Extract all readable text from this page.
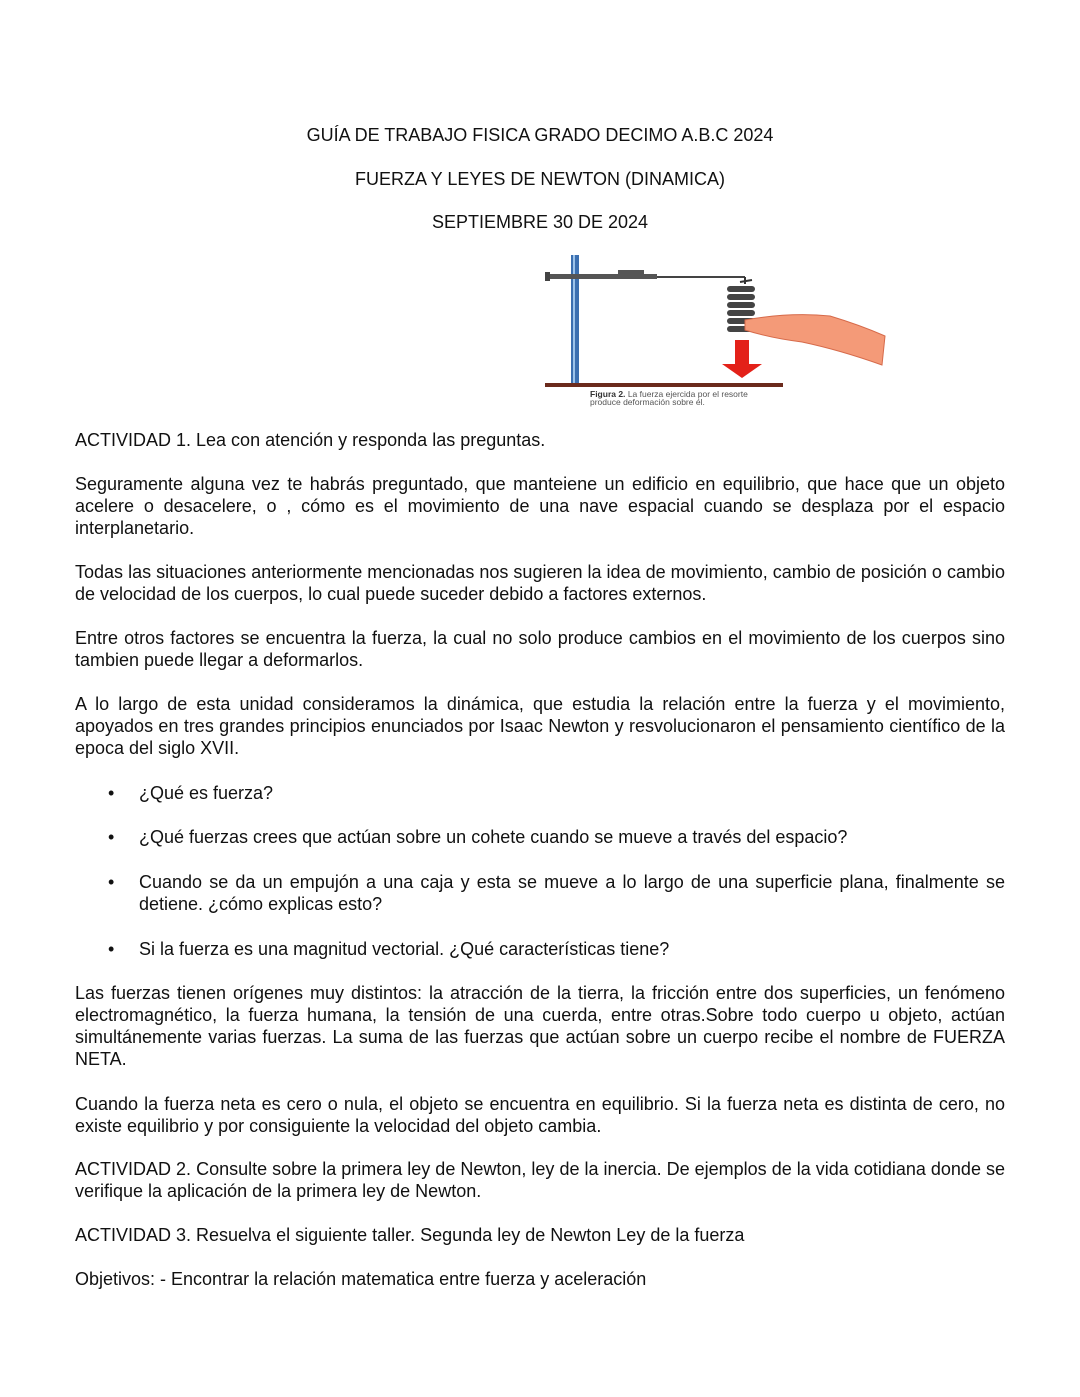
GUÍA DE TRABAJO FISICA GRADO DECIMO A.B.C 2024
FUERZA Y LEYES DE NEWTON (DINAMICA)
SEPTIEMBRE 30 DE 2024
Figura 2. La fuerza ejercida por el resorte
produce deformación sobre él.

ACTIVIDAD 1. Lea con atención y responda las preguntas.

Seguramente alguna vez te habrás preguntado, que manteiene un edificio en equilibrio, que hace que un objeto acelere o desacelere, o , cómo es el movimiento de una nave espacial cuando se desplaza por el espacio interplanetario.

Todas las situaciones anteriormente mencionadas nos sugieren la idea de movimiento, cambio de posición o cambio de velocidad de los cuerpos, lo cual puede suceder debido a factores externos.

Entre otros factores se encuentra la fuerza, la cual no solo produce cambios en el movimiento de los cuerpos sino tambien puede llegar a deformarlos.

A lo largo de esta unidad consideramos la dinámica, que estudia la relación entre la fuerza y el movimiento, apoyados en tres grandes principios enunciados por Isaac Newton y resvolucionaron el pensamiento científico de la epoca del siglo XVII.

• ¿Qué es fuerza?
• ¿Qué fuerzas crees que actúan sobre un cohete cuando se mueve a través del espacio?
• Cuando se da un empujón a una caja y esta se mueve a lo largo de una superficie plana, finalmente se detiene. ¿cómo explicas esto?
• Si la fuerza es una magnitud vectorial. ¿Qué características tiene?

Las fuerzas tienen orígenes muy distintos: la atracción de la tierra, la fricción entre dos superficies, un fenómeno electromagnético, la fuerza humana, la tensión de una cuerda, entre otras.Sobre todo cuerpo u objeto, actúan simultánemente varias fuerzas. La suma de las fuerzas que actúan sobre un cuerpo recibe el nombre de FUERZA NETA.

Cuando la fuerza neta es cero o nula, el objeto se encuentra en equilibrio. Si la fuerza neta es distinta de cero, no existe equilibrio y por consiguiente la velocidad del objeto cambia.

ACTIVIDAD 2. Consulte sobre la primera ley de Newton, ley de la inercia. De ejemplos de la vida cotidiana donde se verifique la aplicación de la primera ley de Newton.

ACTIVIDAD 3. Resuelva el siguiente taller. Segunda ley de Newton Ley de la fuerza

Objetivos: - Encontrar la relación matematica entre fuerza y aceleración
